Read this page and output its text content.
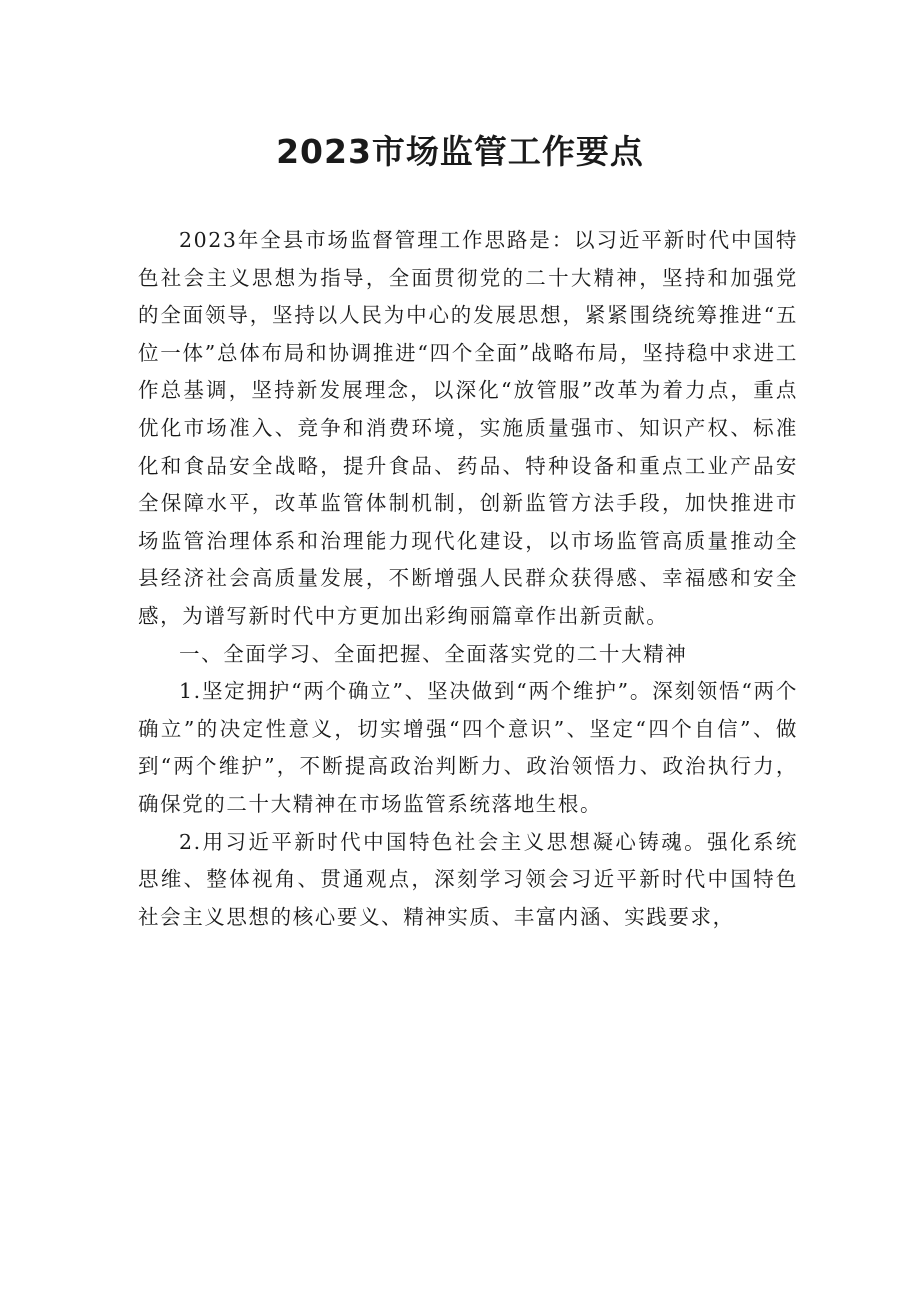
2023市场监管工作要点

2023年全县市场监督管理工作思路是：以习近平新时代中国特色社会主义思想为指导，全面贯彻党的二十大精神，坚持和加强党的全面领导，坚持以人民为中心的发展思想，紧紧围绕统筹推进“五位一体”总体布局和协调推进“四个全面”战略布局，坚持稳中求进工作总基调，坚持新发展理念，以深化“放管服”改革为着力点，重点优化市场准入、竞争和消费环境，实施质量强市、知识产权、标准化和食品安全战略，提升食品、药品、特种设备和重点工业产品安全保障水平，改革监管体制机制，创新监管方法手段，加快推进市场监管治理体系和治理能力现代化建设，以市场监管高质量推动全县经济社会高质量发展，不断增强人民群众获得感、幸福感和安全感，为谱写新时代中方更加出彩绚丽篇章作出新贡献。

一、全面学习、全面把握、全面落实党的二十大精神

1.坚定拥护“两个确立”、坚决做到“两个维护”。深刻领悟“两个确立”的决定性意义，切实增强“四个意识”、坚定“四个自信”、做到“两个维护”，不断提高政治判断力、政治领悟力、政治执行力，确保党的二十大精神在市场监管系统落地生根。

2.用习近平新时代中国特色社会主义思想凝心铸魂。强化系统思维、整体视角、贯通观点，深刻学习领会习近平新时代中国特色社会主义思想的核心要义、精神实质、丰富内涵、实践要求，
